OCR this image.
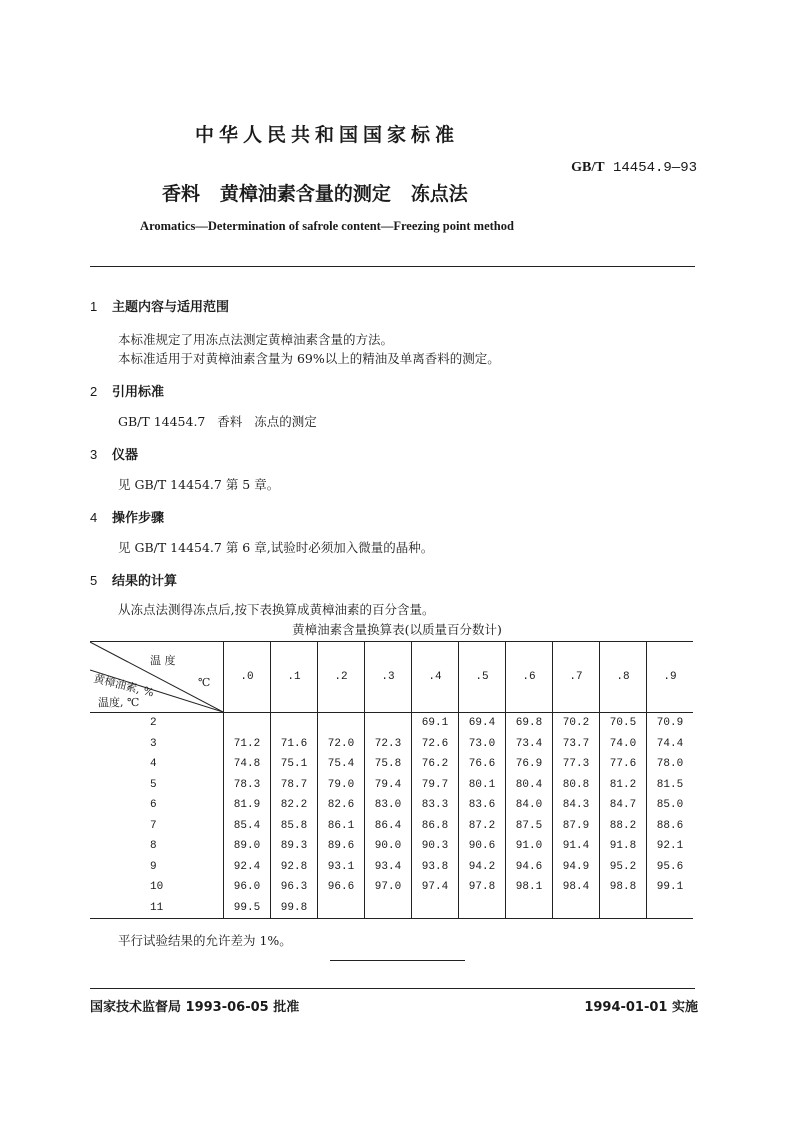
中华人民共和国国家标准
GB/T 14454.9—93
香料   黄樟油素含量的测定   冻点法
Aromatics—Determination of safrole content—Freezing point method
1 主题内容与适用范围
本标准规定了用冻点法测定黄樟油素含量的方法。
本标准适用于对黄樟油素含量为 69%以上的精油及单离香料的测定。
2 引用标准
GB/T 14454.7   香料   冻点的测定
3 仪器
见 GB/T 14454.7 第 5 章。
4 操作步骤
见 GB/T 14454.7 第 6 章,试验时必须加入微量的晶种。
5 结果的计算
从冻点法测得冻点后,按下表换算成黄樟油素的百分含量。
黄樟油素含量换算表(以质量百分数计)
温 度
℃
黄樟油素, %
温度, ℃	.0	.1	.2	.3	.4	.5	.6	.7	.8	.9
2					69.1	69.4	69.8	70.2	70.5	70.9
3	71.2	71.6	72.0	72.3	72.6	73.0	73.4	73.7	74.0	74.4
4	74.8	75.1	75.4	75.8	76.2	76.6	76.9	77.3	77.6	78.0
5	78.3	78.7	79.0	79.4	79.7	80.1	80.4	80.8	81.2	81.5
6	81.9	82.2	82.6	83.0	83.3	83.6	84.0	84.3	84.7	85.0
7	85.4	85.8	86.1	86.4	86.8	87.2	87.5	87.9	88.2	88.6
8	89.0	89.3	89.6	90.0	90.3	90.6	91.0	91.4	91.8	92.1
9	92.4	92.8	93.1	93.4	93.8	94.2	94.6	94.9	95.2	95.6
10	96.0	96.3	96.6	97.0	97.4	97.8	98.1	98.4	98.8	99.1
11	99.5	99.8								
平行试验结果的允许差为 1%。
国家技术监督局 1993-06-05 批准	1994-01-01 实施
